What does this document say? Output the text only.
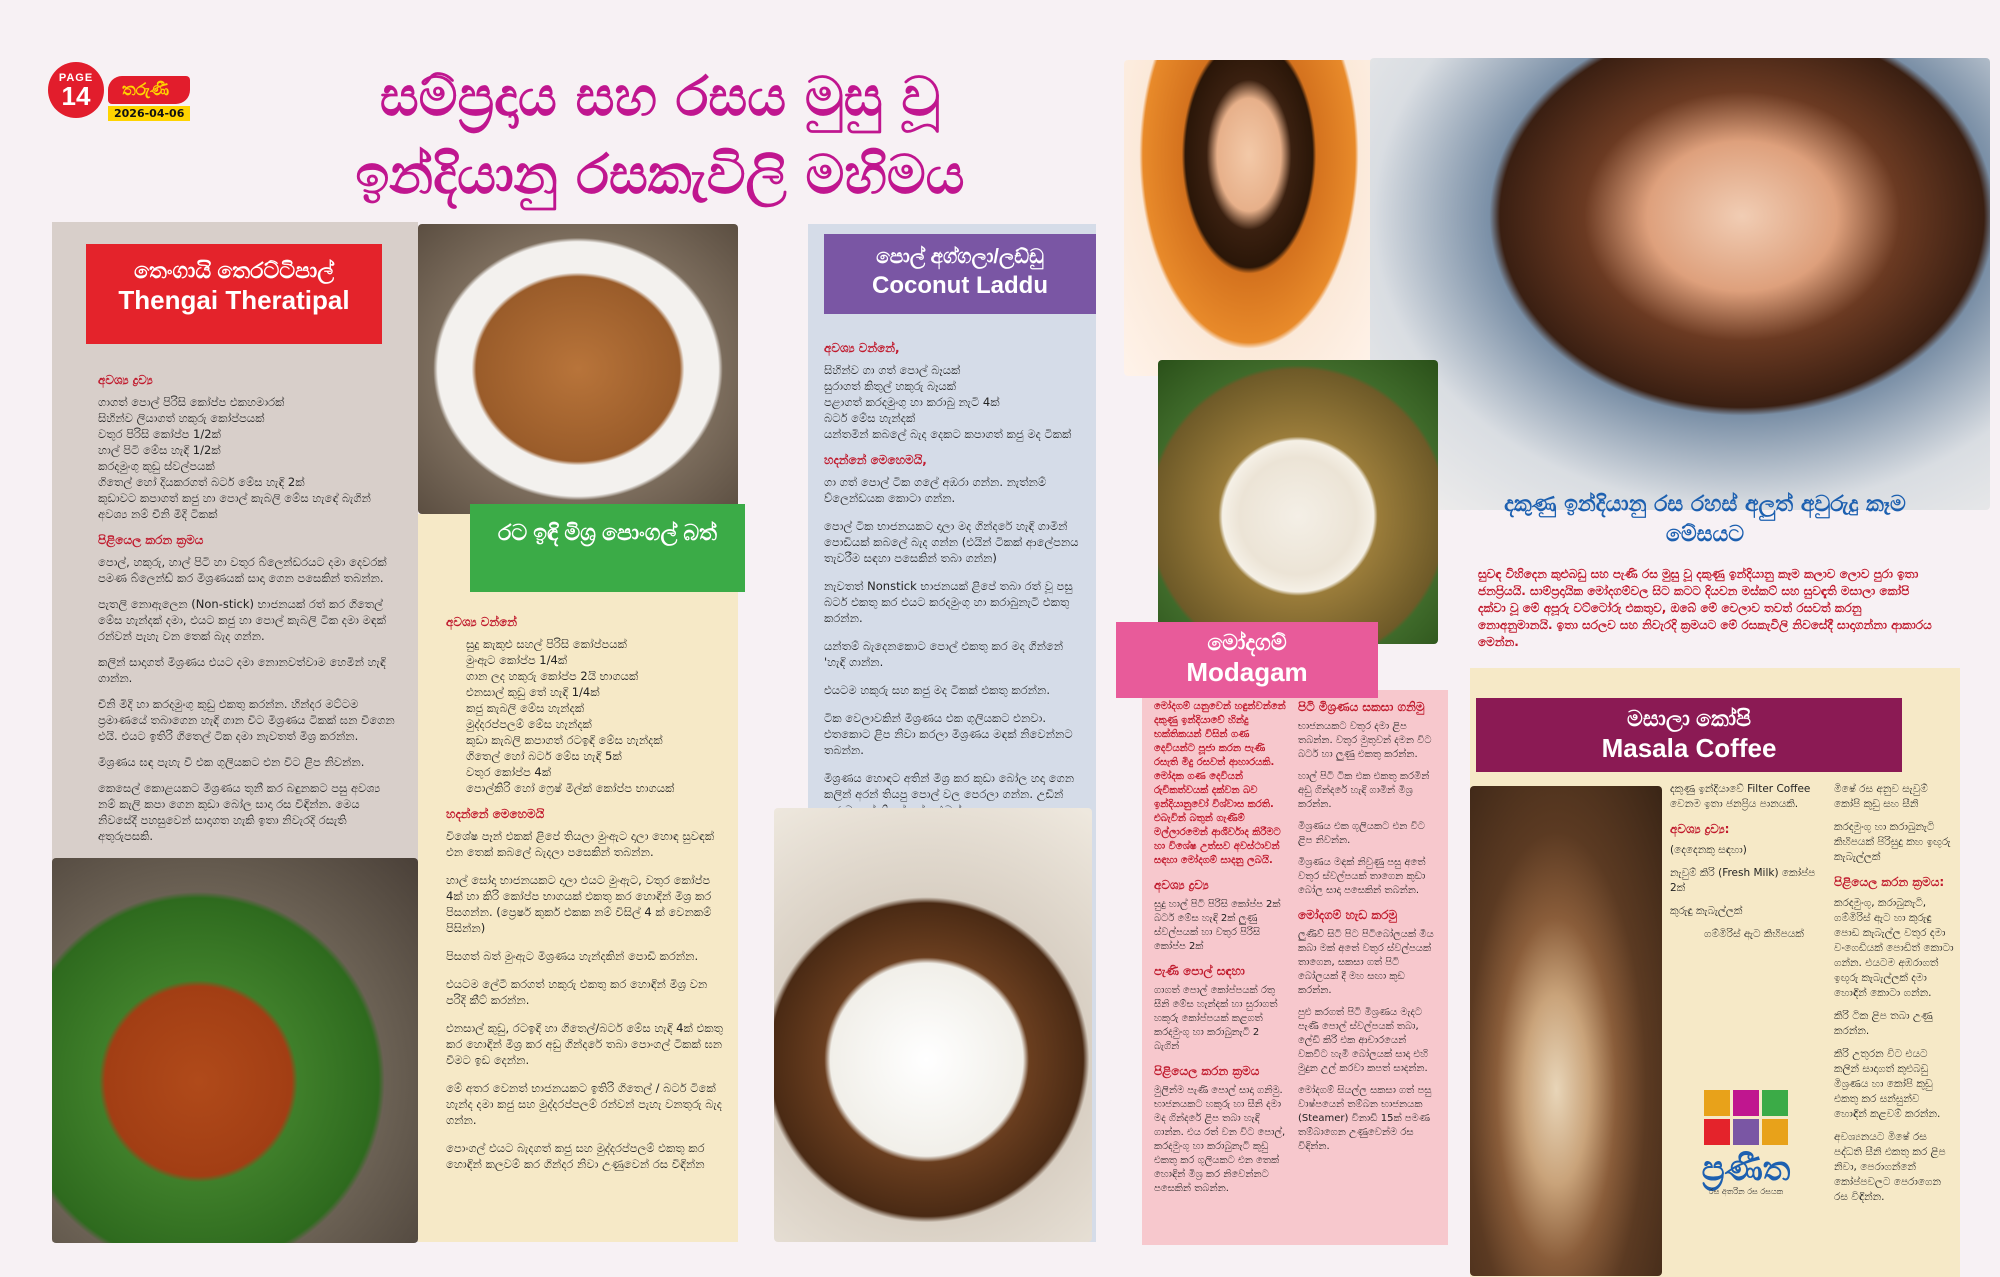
PAGE
14	තරුණී
2026-04-06	සම්ප්‍රදාය සහ රසය මුසු වූ
ඉන්දියානු රසකැවිලි මහිමය
තෙංගායි තෙරට්ටිපාල්
Thengai Theratipal
අවශ්‍ය ද්‍රව්‍ය

ගාගත් පොල් පිරිසි කෝප්ප එකහමාරක්

සිහින්ව ලියාගත් හකුරු කෝප්පයක්

වතුර පිරිසි කෝප්ප 1/2ක්

හාල් පිටි මේස හැඳි 1/2ක්

කරදමුංගු කුඩු ස්වල්පයක්

ගිතෙල් හෝ දියකරගත් බටර් මේස හැඳි 2ක්

කුඩාවට කපාගත් කජු හා පොල් කැබලි මේස හැඳේ බැගින්

අවශ්‍ය නම් චීනි මිදි ටිකක්

පිළියෙල කරන ක්‍රමය

පොල්, හකුරු, හාල් පිටි හා වතුර බ්ලෙන්ඩරයට දමා දෙවරක් පමණ බ්ලෙන්ඩ් කර මිශ්‍රණයක් සාදා ගෙන පසෙකින් තබන්න.

පැතලි නොඇලෙන (Non-stick) භාජනයක් රත් කර ගිතෙල් මේස හැන්දක් දමා, එයට කජු හා පොල් කැබලි ටික දමා මඳක් රන්වන් පැහැ වන තෙක් බැද ගන්න.

කලින් සාදාගත් මිශ්‍රණය එයට දමා නොනවත්වාම හෙමින් හැඳි ගාන්න.

චීනි මිදි හා කරදමුංගු කුඩු එකතු කරන්න. හින්දර මට්ටම ප්‍රමාණයේ තබාගෙන හැඳි ගාන විට මිශ්‍රණය ටිකක් ඝන වීගෙන එයි. එයට ඉතිරි ගිතෙල් ටික දමා නැවතත් මිශ්‍ර කරන්න.

මිශ්‍රණය ඝඳ පැහැ වී එක ගුලියකට එන විට ළිප නිවන්න.

කෙසෙල් කොළයකට මිශ්‍රණය තුනී කර බඳුනකට පසු අවශ්‍ය නම් කැලි කපා ගෙන කුඩා බෝල සාදා රස විඳින්න. මෙය නිවසේදී පහසුවෙන් සාදාගත හැකි ඉතා නිවැරදි රසැති අතුරුපසකි.

රට ඉඳි මිශ්‍ර පොංගල් බත්
අවශ්‍ය වන්නේ

සුදු කැකුළු සහල් පිරිසි කෝප්පයක්

මුංඇට කෝප්ප 1/4ක්

ගාන ලද හකුරු කෝප්ප 2යි භාගයක්

එනසාල් කුඩු තේ හැඳි 1/4ක්

කජු කැබලි මේස හැන්දක්

මුද්දරප්පලම් මේස හැන්දක්

කුඩා කැබලි කපාගත් රටඉඳි මේස හැන්දක්

ගිතෙල් හෝ බටර් මේස හැඳි 5ක්

වතුර කෝප්ප 4ක්

පොල්කිරි හෝ ෆ්‍රෙෂ් මිල්ක් කෝප්ප භාගයක්

හදන්නේ මෙහෙමයි

විශේෂ පෑන් එකක් ළිපේ තියලා මුංඇට දාලා හොඳ සුවඳක් එන තෙක් කබලේ බැදලා පසෙකින් තබන්න.

හාල් සෝදා භාජනයකට දාලා එයට මුංඇට, වතුර කෝප්ප 4ක් හා කිරි කෝප්ප භාගයක් එකතු කර හොඳින් මිශ්‍ර කර පිසගන්න. (ප්‍රෙෂර් කුකර් එකක නම් විසිල් 4 ක් වෙනකම් පිසින්න)

පිසගත් බත් මුංඇට මිශ්‍රණය හැන්දකින් පොඩි කරන්න.

එයටම ලේටී කරගත් හකුරු එකතු කර හොඳින් මිශ්‍ර වන පරිදි කීට් කරන්න.

එනසාල් කුඩු, රටඉඳි හා ගිතෙල්/බටර් මේස හැඳි 4ක් එකතු කර හොඳින් මිශ්‍ර කර අඩු ගින්දරේ තබා පොංගල් ටිකක් ඝන වීමට ඉඩ දෙන්න.

මේ අතර වෙනත් භාජනයකට ඉතිරි ගිතෙල් / බටර් ටිකේ හැන්ද දමා කජු සහ මුද්දරප්පලම් රන්වන් පැහැ වනතුරු බැද ගන්න.

පොංගල් එයට බැදගත් කජු සහ මුද්දරප්පලම් එකතු කර හොඳින් කලවම් කර ගින්දර නිවා උණුවෙන් රස විඳින්න

පොල් අග්ගලා/ලඩ්ඩු
Coconut Laddu
අවශ්‍ය වන්නේ,

සිහින්ව ගා ගත් පොල් බෑයක්

සුරාගත් කිතුල් හකුරු බෑයක්

පළාගත් කරදමුංගු හා කරාබු නැටි 4ක්

බටර් මේස හැන්දක්

යන්තමින් කබලේ බැද දෙකට කපාගත් කජු මද ටිකක්

හදන්නේ මෙහෙමයි,

ගා ගත් පොල් ටික ගලේ අඹරා ගන්න. නැත්නම් ව්ලෙන්ඩයක කොටා ගන්න.

පොල් ටික භාජනයකට දාලා මද ගින්දරේ හැඳි ගාමින් පොඩියක් කබලේ බැද ගන්න (එයින් ටිකක් ආලේපනය තැවරීම සඳහා පසෙකින් තබා ගන්න)

නැවතත් Nonstick භාජනයක් ළිපේ තබා රත් වූ පසු බටර් එකතු කර එයට කරදමුංගු හා කරාබුනැටි එකතු කරන්න.

යන්තම් බැදෙනකොට පොල් එකතු කර මද ගින්නේ 'හැඳි ගාන්න.

එයටම හකුරු සහ කජු මද ටිකක් එකතු කරන්න.

ටික වෙලාවකින් මිශ්‍රණය එක ගුලියකට එනවා. එතකොට ළිප නිවා කරලා මිශ්‍රණය මඳක් නිවෙන්නට තබන්න.

මිශ්‍රණය හොඳට අතින් මිශ්‍ර කර කුඩා බෝල හදා ගෙන කලින් අරන් තියපු පොල් වල පෙරලා ගන්න. උඩින්

මෝදගම්
Modagam

මෝදගම් යනුවෙන් හඳුන්වන්නේ දකුණු ඉන්දියාවේ හින්දු භක්තිකයන් විසින් ගණ දෙවියන්ට පූජා කරන පැණි රසැති මිදු රසවත් ආහාරයකි. මෝදක ගණ දෙවියන් රුචිකත්වයක් දක්වන බව ඉන්දියානුවෝ විශ්වාස කරති. එබැවින් බතුන් ගැණිම් මල්ලාරමෙන් ආශීර්වාද කිරීමට හා විශේෂ උත්සව අවස්ථාවන් සඳහා මෝදගම් සාදනු ලබයි.

අවශ්‍ය ද්‍රව්‍ය

සුදු හාල් පිටි පිරිසි කෝප්ප 2ක් බටර් මේස හැඳි 2ක් ලුණු ස්වල්පයක් හා වතුර පිරිසි කෝප්ප 2ක්

පැණි පොල් සඳහා

ගාගත් පොල් කෝප්පයක් රතු සීනි මේස හැන්දක් හා සුරාගත් හකුරු කෝප්පයක් කළගත් කරදමුංගු හා කරාබුනැටි 2 බැගින්

පිළියෙල කරන ක්‍රමය

මුලින්ම පැණි පොල් සාදා ගනිමු. භාජනයකට හකුරු හා සීනි දමා මද ගින්දරේ ළිප තබා හැඳි ගාන්න. එය රත් වන විට පොල්, කරදමුංගු හා කරාබුනැටි කුඩු එකතු කර ගුලියකට එන තෙක් හොඳින් මිශ්‍ර කර නිවෙන්නට පසෙකින් තබන්න.

පිටි මිශ්‍රණය සකසා ගනිමු

භාජනයකට වතුර දමා ළිප තබන්න. වතුර මුතුවන් දමන විට බටර් හා ලුණු එකතු කරන්න.

හාල් පිටි ටික එක එකතු කරමින් අඩු ගින්දරේ හැඳි ගාමින් මිශ්‍ර කරන්න.

මිශ්‍රණය එක ගුලියකට එන විට ළිප නිවන්න.

මිශ්‍රණය මඳක් නිවුණු පසු අතේ වතුර ස්වල්පයක් තාගෙන කුඩා බෝල සාදා පසෙකින් තබන්න.

මෝදගම් හැඩ කරමු

ලුණිව් සිටි පිට පිටිබෝලයක් මීය කබා මක් අතේ වතුර ස්වල්පයක් තාගෙන, සකසා ගත් පිටි බෝලයක් දී මහ සඟා කුඩ කරන්න.

පුළු කරගත් පිටි මිශ්‍රණය මැදට පැණි පොල් ස්වල්පයක් තබා, ලේඩි කිරි එක ආචාරයෙන් වකවීට හැමී බෝලයක් සාදා එහි මුදුන උල් කරවා කපත් සාදන්න.

මෝදගම් සියල්ල සකසා ගත් පසු වාෂ්පයෙන් තම්බන භාජනයක (Steamer) විනාඩි 15ක් පමණ තම්බාගෙන උණුවෙන්ම රස විඳින්න.

දකුණු ඉන්දියානු රස රහස් අලුත් අවුරුදු කෑම මේසයට
සුවඳ විහිදෙන කුළුබඩු සහ පැණි රස මුසු වූ දකුණු ඉන්දියානු කෑම කලාව ලොව පුරා ඉතා ජනප්‍රියයි. සාම්ප්‍රදායික මෝදගම්වල සිට කටට දියවන මස්කට් සහ සුවඳැති මසාලා කෝපි දක්වා වූ මේ අපූරු වට්ටෝරු එකතුව, ඔබේ මේ වෙලාව තවත් රසවත් කරනු නොඅනුමානයි. ඉතා සරලව සහ නිවැරදි ක්‍රමයට මේ රසකැවිලි නිවසේදී සාදාගන්නා ආකාරය මෙන්න.
මසාලා කෝපි
Masala Coffee

දකුණු ඉන්දියාවේ Filter Coffee වෙනම ඉතා ජනප්‍රිය පානයකි.

අවශ්‍ය ද්‍රව්‍ය:

(දෙදෙනකු සඳහා)

නැවුම් කිරි (Fresh Milk) කෝප්ප 2ක්

කුරුඳු කැබැල්ලක්

ගම්මිරිස් ඇට කිහිපයක්

මිෂේ රස අනුව සැවුම් කෝපි කුඩු සහ සීනි

කරදමුංගු හා කරාබුනැටි කිහිපයක් පිරිසුදු කහ ඉඟුරු කැබැල්ලක්

පිළියෙල කරන ක්‍රමය:

කරදමුංගු, කරාබුනැටි, ගම්මිරිස් ඇට හා කුරුඳු පොඩ කැබැල්ල වතුර දමා වංගෙඩියක් පොඩිත් කොටා ගන්න. එයටම අඹරාගත් ඉඟුරු කැබැල්ලක් දමා හොඳින් කොටා ගන්න.

කිරි ටික ළිප තබා උණු කරන්න.

කිරි උතුරන විට එයට කලින් සාදාගත් කුළුබඩු මිශ්‍රණය හා කෝපි කුඩු එකතු කර සන්සුන්ව හොඳින් කළවම් කරන්න.

අවශ්‍යනයට මිෂේ රස පද්ධති සීනි එකතු කර ළිප නිවා, පෙරාගන්නේ කෝප්පවලට පෙරාගෙන රස විඳින්න.

ප්‍රණීත
රස අතරින රස රසයක
